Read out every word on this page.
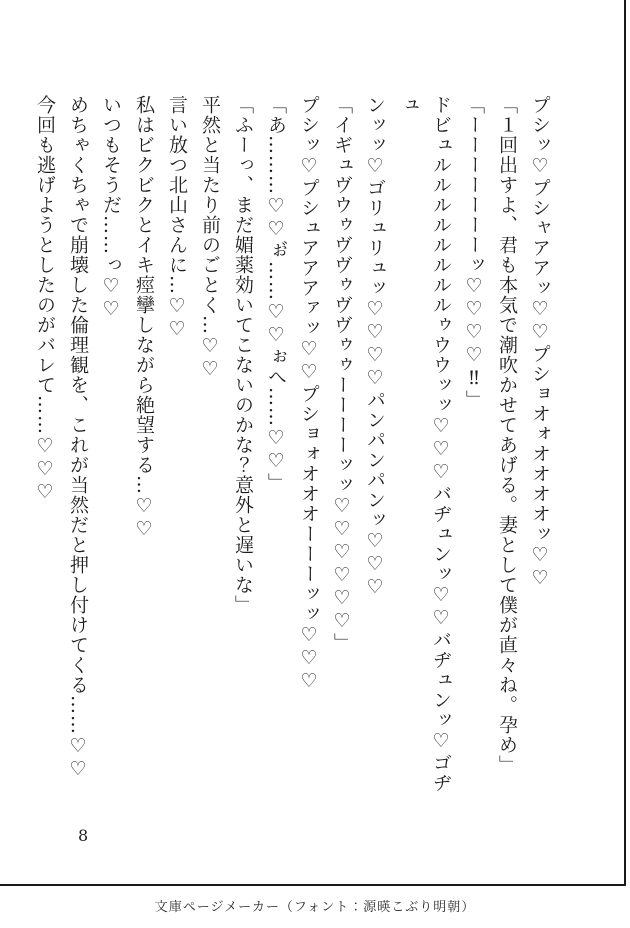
プシッ♡プシャアアッ♡♡プショオォオオオオッ♡♡

「１回出すよ、君も本気で潮吹かせてあげる。妻として僕が直々ね。孕め」

「ーーーーーーーッ♡♡♡♡‼」

ドビュルルルルルルルルゥウウッッ♡♡♡バヂュンッ♡♡バヂュンッ♡ゴヂュ

ンッッ♡ゴリュリュッ♡♡♡♡パンパンパンッ♡♡♡

「イギュヴウゥヴヴゥヴヴゥゥーーーーッッ♡♡♡♡♡♡」

プシッ♡プシュアアアァッ♡♡プショォオオオーーーッッ♡♡♡

「あ………♡♡ぉ゙……♡♡ぉへ……♡♡」

「ふーっ、まだ媚薬効いてこないのかな？意外と遅いな」

平然と当たり前のごとく…♡♡

言い放つ北山さんに…♡♡

私はビクビクとイキ痙攣しながら絶望する…♡♡

いつもそうだ……っ♡♡

めちゃくちゃで崩壊した倫理観を、これが当然だと押し付けてくる……♡♡

今回も逃げようとしたのがバレて……♡♡♡

8
文庫ページメーカー（フォント：源暎こぶり明朝）
